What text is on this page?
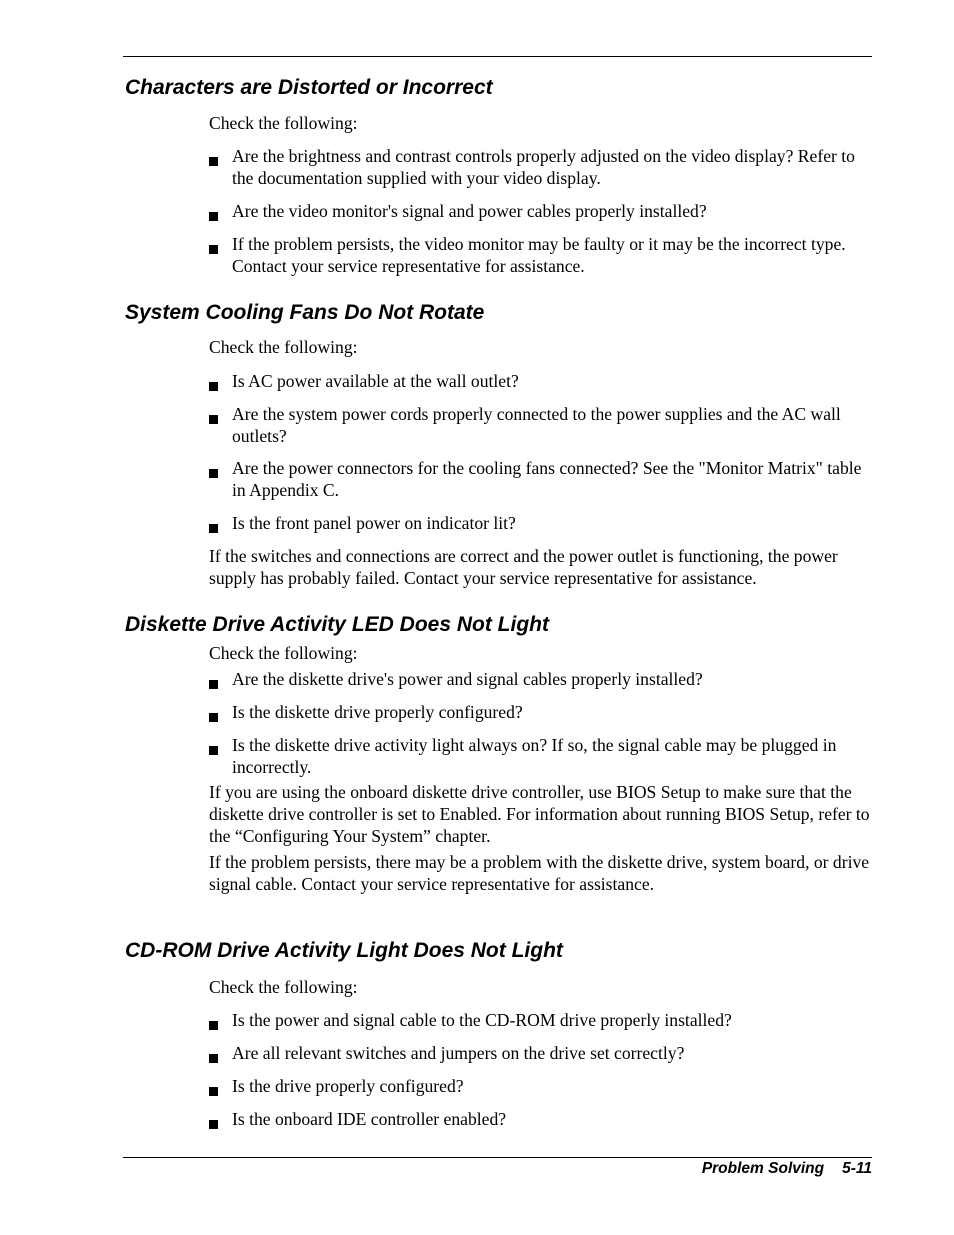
Characters are Distorted or Incorrect

Check the following:

Are the brightness and contrast controls properly adjusted on the video display? Refer to the documentation supplied with your video display.
Are the video monitor's signal and power cables properly installed?
If the problem persists, the video monitor may be faulty or it may be the incorrect type. Contact your service representative for assistance.
System Cooling Fans Do Not Rotate

Check the following:

Is AC power available at the wall outlet?
Are the system power cords properly connected to the power supplies and the AC wall outlets?
Are the power connectors for the cooling fans connected? See the "Monitor Matrix" table in Appendix C.
Is the front panel power on indicator lit?

If the switches and connections are correct and the power outlet is functioning, the power supply has probably failed. Contact your service representative for assistance.

Diskette Drive Activity LED Does Not Light

Check the following:

Are the diskette drive's power and signal cables properly installed?
Is the diskette drive properly configured?
Is the diskette drive activity light always on? If so, the signal cable may be plugged in incorrectly.

If you are using the onboard diskette drive controller, use BIOS Setup to make sure that the diskette drive controller is set to Enabled. For information about running BIOS Setup, refer to the “Configuring Your System” chapter.

If the problem persists, there may be a problem with the diskette drive, system board, or drive signal cable. Contact your service representative for assistance.

CD-ROM Drive Activity Light Does Not Light

Check the following:

Is the power and signal cable to the CD-ROM drive properly installed?
Are all relevant switches and jumpers on the drive set correctly?
Is the drive properly configured?
Is the onboard IDE controller enabled?
Problem Solving 5-11
